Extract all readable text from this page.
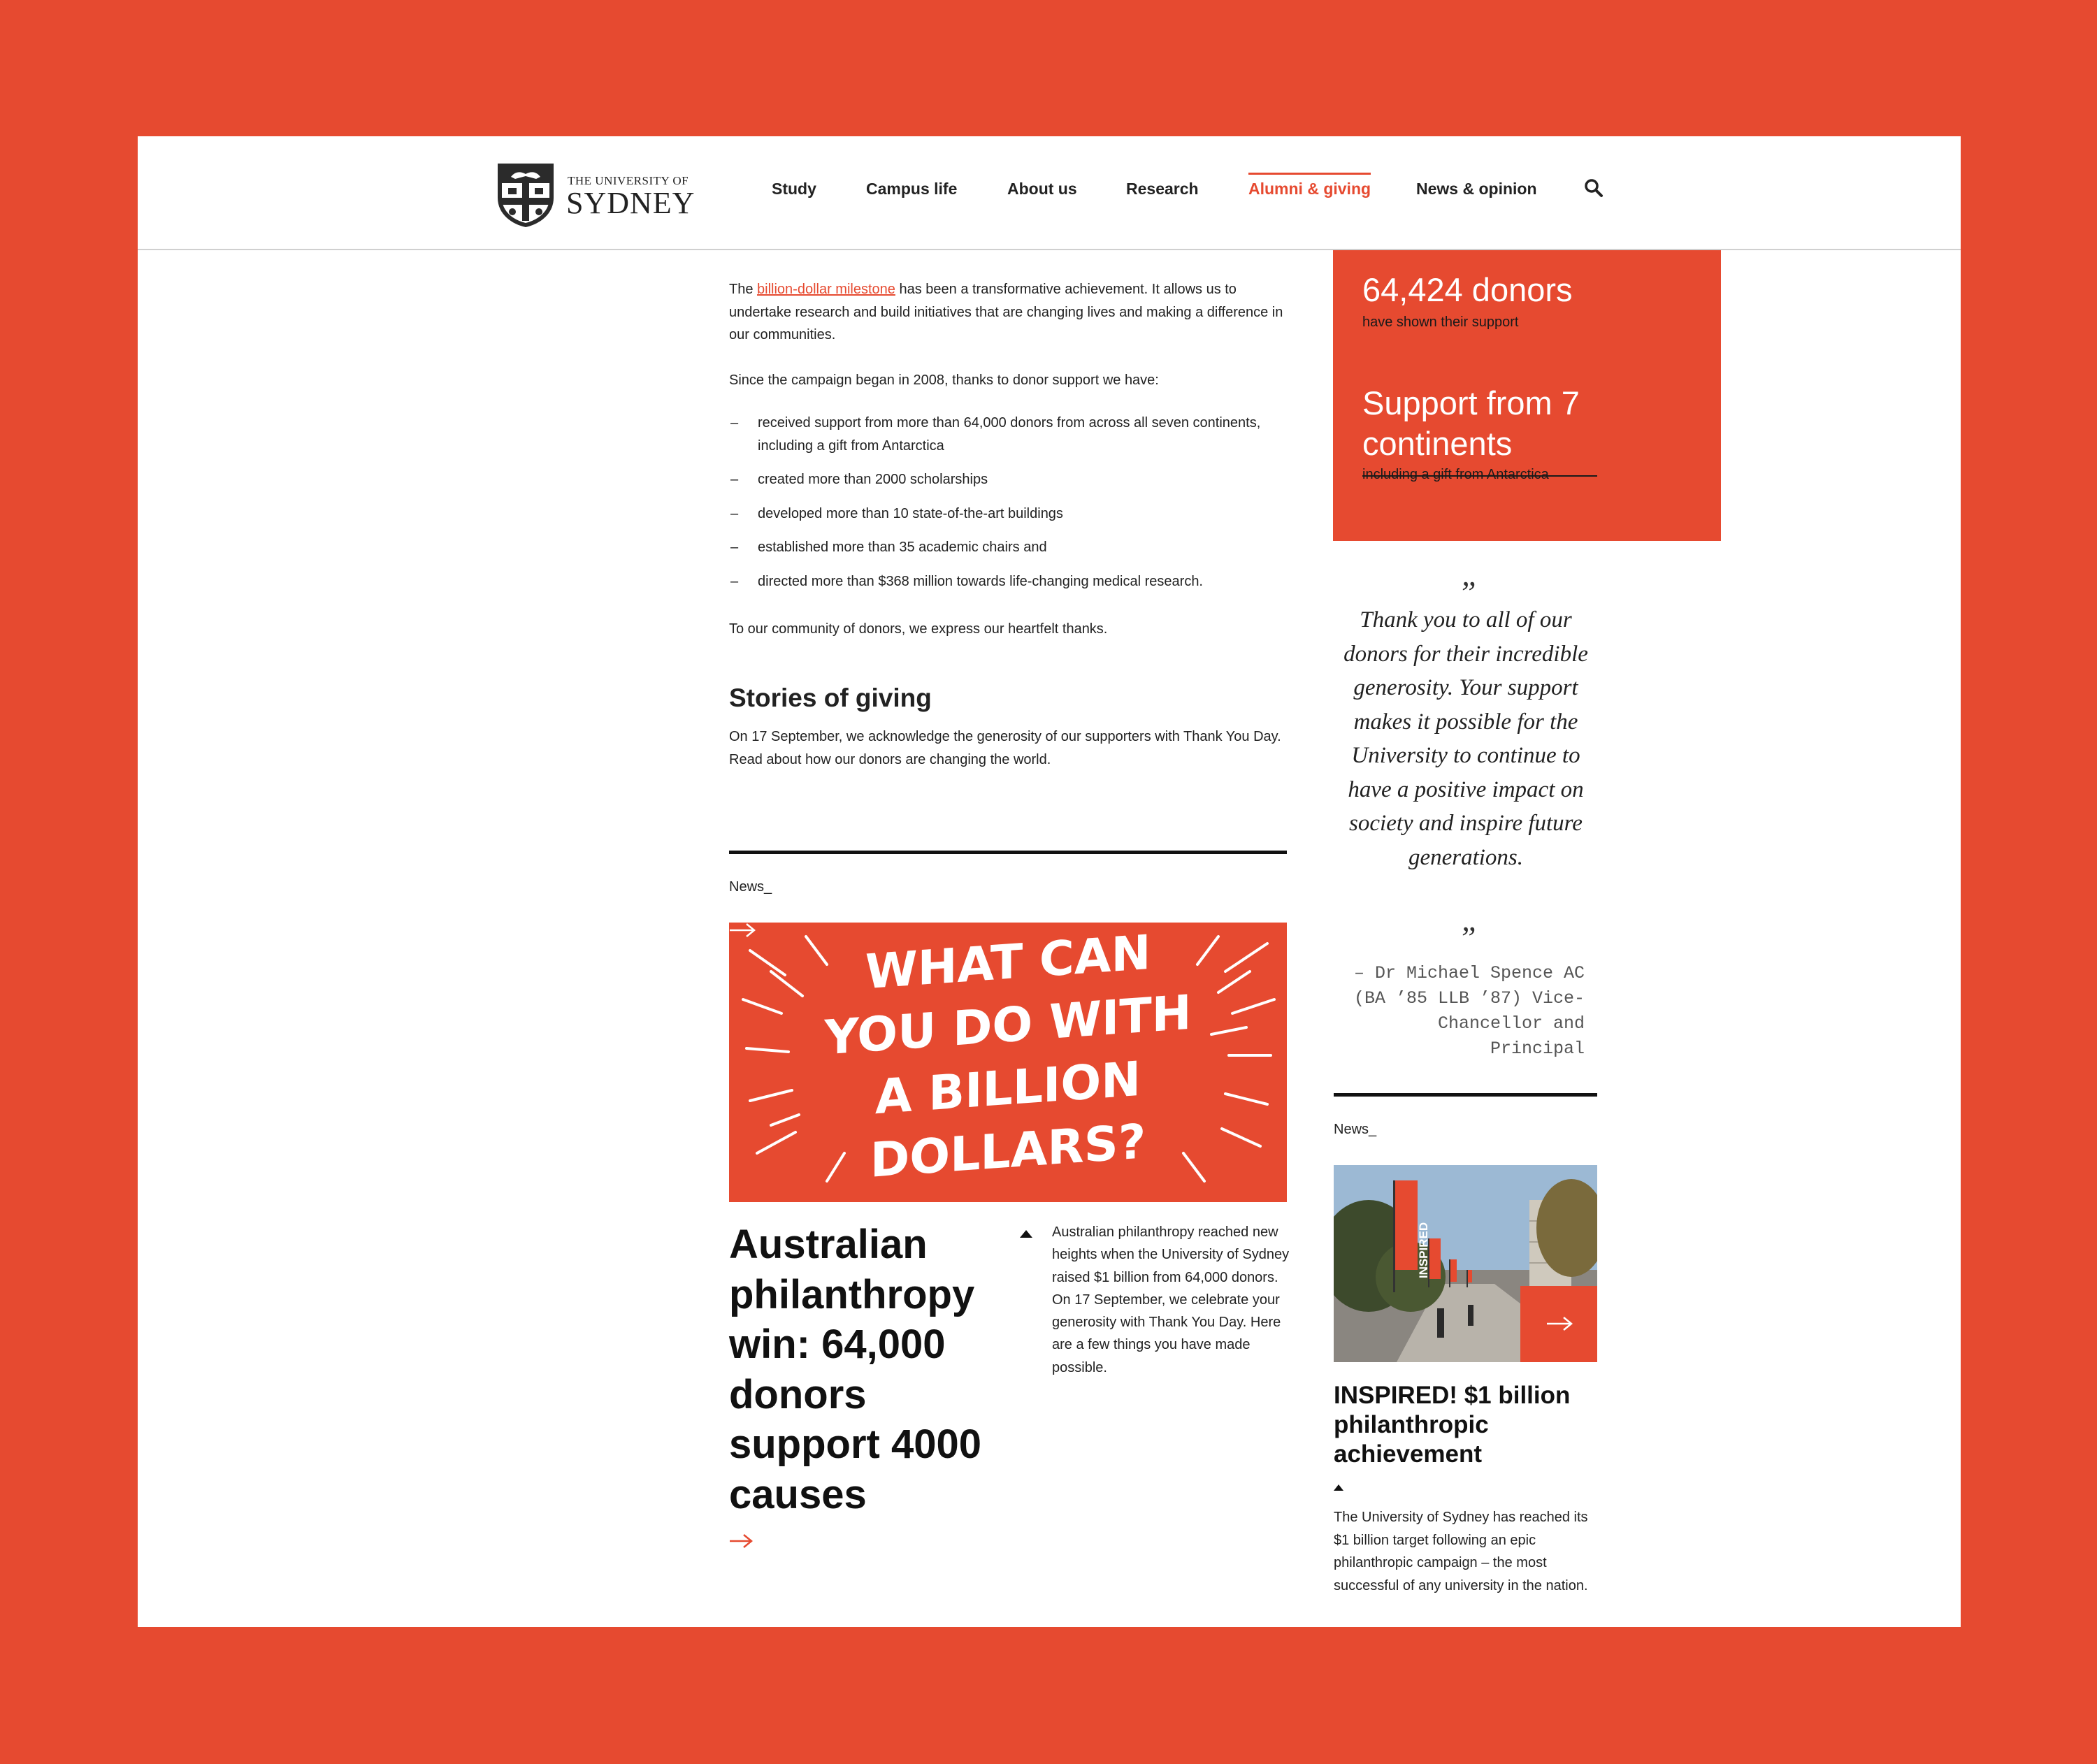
THE UNIVERSITY OF
SYDNEY	Study	Campus life	About us	Research	Alumni & giving	News & opinion

The billion-dollar milestone has been a transformative achievement. It allows us to undertake research and build initiatives that are changing lives and making a difference in our communities.

Since the campaign began in 2008, thanks to donor support we have:

– received support from more than 64,000 donors from across all seven continents, including a gift from Antarctica
– created more than 2000 scholarships
– developed more than 10 state-of-the-art buildings
– established more than 35 academic chairs and
– directed more than $368 million towards life-changing medical research.

To our community of donors, we express our heartfelt thanks.

Stories of giving

On 17 September, we acknowledge the generosity of our supporters with Thank You Day. Read about how our donors are changing the world.

News_
WHAT CAN
YOU DO WITH
A BILLION
DOLLARS?
Australian philanthropy win: 64,000 donors support 4000 causes

Australian philanthropy reached new heights when the University of Sydney raised $1 billion from 64,000 donors. On 17 September, we celebrate your generosity with Thank You Day. Here are a few things you have made possible.

64,424 donors
have shown their support
Support from 7 continents
including a gift from Antarctica
”
Thank you to all of our donors for their incredible generosity. Your support makes it possible for the University to continue to have a positive impact on society and inspire future generations.
”

– Dr Michael Spence AC (BA ’85 LLB ’87) Vice-Chancellor and Principal

News_
INSPIRED
INSPIRED! $1 billion philanthropic achievement

The University of Sydney has reached its $1 billion target following an epic philanthropic campaign – the most successful of any university in the nation.
